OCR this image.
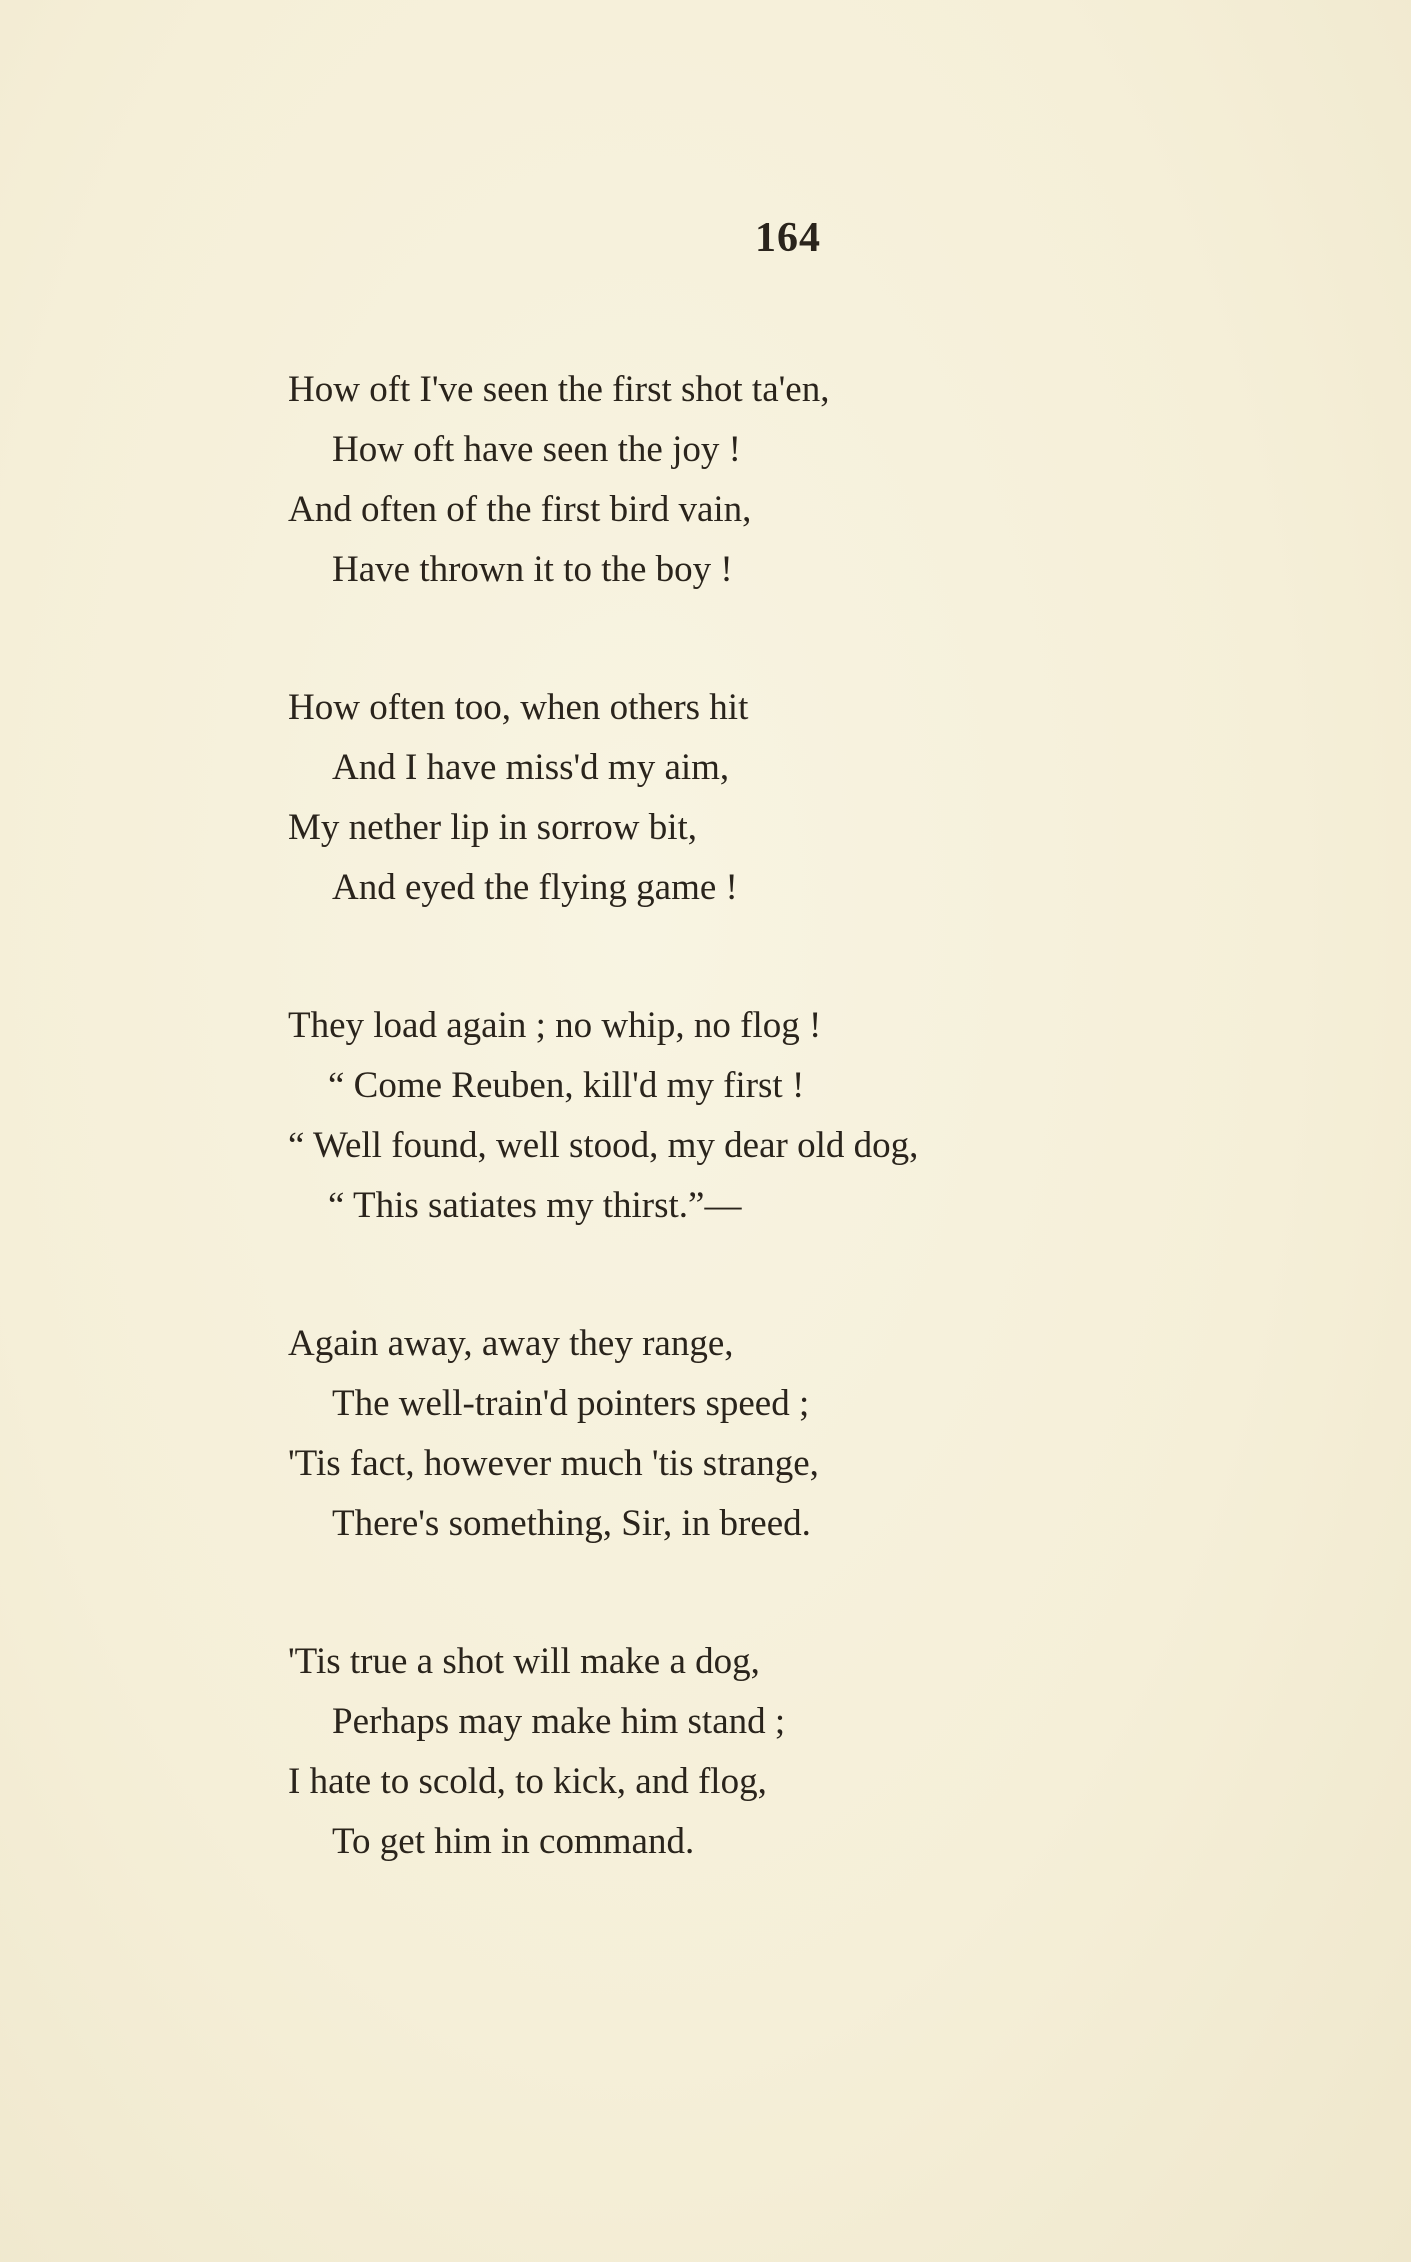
164
How oft I've seen the first shot ta'en,
How oft have seen the joy !
And often of the first bird vain,
Have thrown it to the boy !
How often too, when others hit
And I have miss'd my aim,
My nether lip in sorrow bit,
And eyed the flying game !
They load again ; no whip, no flog !
“ Come Reuben, kill'd my first !
“ Well found, well stood, my dear old dog,
“ This satiates my thirst.”—
Again away, away they range,
The well-train'd pointers speed ;
'Tis fact, however much 'tis strange,
There's something, Sir, in breed.
'Tis true a shot will make a dog,
Perhaps may make him stand ;
I hate to scold, to kick, and flog,
To get him in command.
